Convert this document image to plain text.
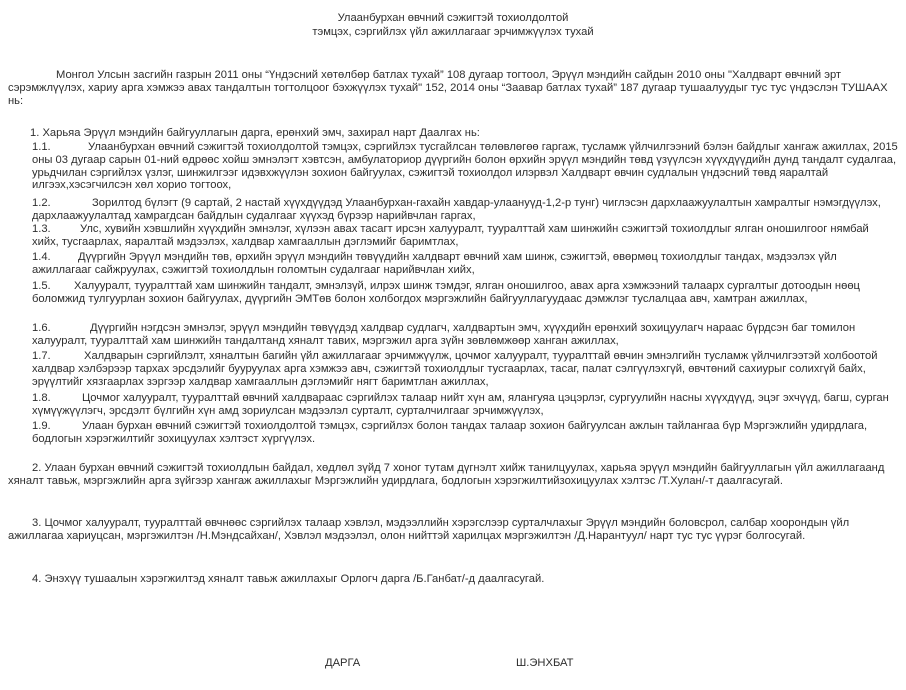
Улаанбурхан өвчний сэжигтэй тохиолдолтой
тэмцэх, сэргийлэх үйл ажиллагааг эрчимжүүлэх тухай
Монгол Улсын засгийн газрын 2011 оны “Үндэсний хөтөлбөр батлах тухай” 108 дугаар тогтоол, Эрүүл мэндийн сайдын 2010 оны "Халдварт өвчний эрт сэрэмжлүүлэх, хариу арга хэмжээ авах тандалтын тогтолцоог бэхжүүлэх тухай" 152, 2014 оны “Заавар батлах тухай” 187 дугаар тушаалуудыг тус тус үндэслэн ТУШААХ нь:
1. Харьяа Эрүүл мэндийн байгууллагын дарга, ерөнхий эмч, захирал нарт Даалгах нь:
1.1.	Улаанбурхан өвчний сэжигтэй тохиолдолтой тэмцэх, сэргийлэх тусгайлсан төлөвлөгөө гаргаж, тусламж үйлчилгээний бэлэн байдлыг хангаж ажиллах, 2015 оны 03 дугаар сарын 01-ний өдрөөс хойш эмнэлэгт хэвтсэн, амбулаториор дүүргийн болон өрхийн эрүүл мэндийн төвд үзүүлсэн хүүхдүүдийн дунд тандалт судалгаа, урьдчилан сэргийлэх үзлэг, шинжилгээг идэвхжүүлэн зохион байгуулах, сэжигтэй тохиолдол илэрвэл Халдварт өвчин судлалын үндэсний төвд яаралтай илгээх,хэсэгчилсэн хөл хорио тогтоох,
1.2.	Зорилтод бүлэгт (9 сартай, 2 настай хүүхдүүдэд Улаанбурхан-гахайн хавдар-улаануүд-1,2-р тунг) чиглэсэн дархлаажуулалтын хамралтыг нэмэгдүүлэх, дархлаажуулалтад хамрагдсан байдлын судалгааг хүүхэд бүрээр нарийвчлан гаргах,
1.3.	Улс, хувийн хэвшлийн хүүхдийн эмнэлэг, хүлээн авах тасагт ирсэн халууралт, тууралттай хам шинжийн сэжигтэй тохиолдлыг ялган оношилгоог нямбай хийх, тусгаарлах, яаралтай мэдээлэх, халдвар хамгааллын дэглэмийг баримтлах,
1.4.	Дүүргийн Эрүүл мэндийн төв, өрхийн эрүүл мэндийн төвүүдийн халдварт өвчний хам шинж, сэжигтэй, өвөрмөц тохиолдлыг тандах, мэдээлэх үйл ажиллагааг сайжруулах, сэжигтэй тохиолдлын голомтын судалгааг нарийвчлан хийх,
1.5.	Халууралт, тууралттай хам шинжийн тандалт, эмнэлзүй, илрэх шинж тэмдэг, ялган оношилгоо, авах арга хэмжээний талаарх сургалтыг дотоодын нөөц боломжид тулгуурлан зохион байгуулах, дүүргийн ЭМТөв болон холбогдох мэргэжлийн байгууллагуудаас дэмжлэг туслалцаа авч, хамтран ажиллах,
1.6.	Дүүргийн нэгдсэн эмнэлэг, эрүүл мэндийн төвүүдэд халдвар судлагч, халдвартын эмч, хүүхдийн ерөнхий зохицуулагч нараас бүрдсэн баг томилон халууралт, тууралттай хам шинжийн тандалтанд хяналт тавих, мэргэжил арга зүйн зөвлөмжөөр ханган ажиллах,
1.7.	Халдварын сэргийлэлт, хяналтын багийн үйл ажиллагааг эрчимжүүлж, цочмог халууралт, тууралттай өвчин эмнэлгийн тусламж үйлчилгээтэй холбоотой халдвар хэлбэрээр тархах эрсдэлийг бууруулах арга хэмжээ авч, сэжигтэй тохиолдлыг тусгаарлах, тасаг, палат сэлгүүлэхгүй, өвчтөний сахиурыг солихгүй байх, эрүүлтийг хязгаарлах зэргээр халдвар хамгааллын дэглэмийг нягт баримтлан ажиллах,
1.8.	Цочмог халууралт, тууралттай өвчний халдвараас сэргийлэх талаар нийт хүн ам, ялангуяа цэцэрлэг, сургуулийн насны хүүхдүүд, эцэг эхчүүд, багш, сурган хүмүүжүүлэгч, эрсдэлт бүлгийн хүн амд зориулсан мэдээлэл сурталт, сурталчилгааг эрчимжүүлэх,
1.9.	Улаан бурхан өвчний сэжигтэй тохиолдолтой тэмцэх, сэргийлэх болон тандах талаар зохион байгуулсан ажлын тайлангаа бүр Мэргэжлийн удирдлага, бодлогын хэрэгжилтийг зохицуулах хэлтэст хүргүүлэх.
2. Улаан бурхан өвчний сэжигтэй тохиолдлын байдал, хөдлөл зүйд 7 хоног тутам дүгнэлт хийж танилцуулах, харьяа эрүүл мэндийн байгууллагын үйл ажиллагаанд хяналт тавьж, мэргэжлийн арга зүйгээр хангаж ажиллахыг Мэргэжлийн удирдлага, бодлогын хэрэгжилтийзохицуулах хэлтэс /Т.Хулан/-т даалгасугай.
3. Цочмог халууралт, тууралттай өвчнөөс сэргийлэх талаар хэвлэл, мэдээллийн хэрэгслээр сурталчлахыг Эрүүл мэндийн боловсрол, салбар хоорондын үйл ажиллагаа хариуцсан, мэргэжилтэн /Н.Мэндсайхан/, Хэвлэл мэдээлэл, олон нийттэй харилцах мэргэжилтэн /Д.Нарантуул/ нарт тус тус үүрэг болгосугай.
4. Энэхүү тушаалын хэрэгжилтэд хяналт тавьж ажиллахыг Орлогч дарга /Б.Ганбат/-д даалгасугай.
ДАРГА	Ш.ЭНХБАТ
